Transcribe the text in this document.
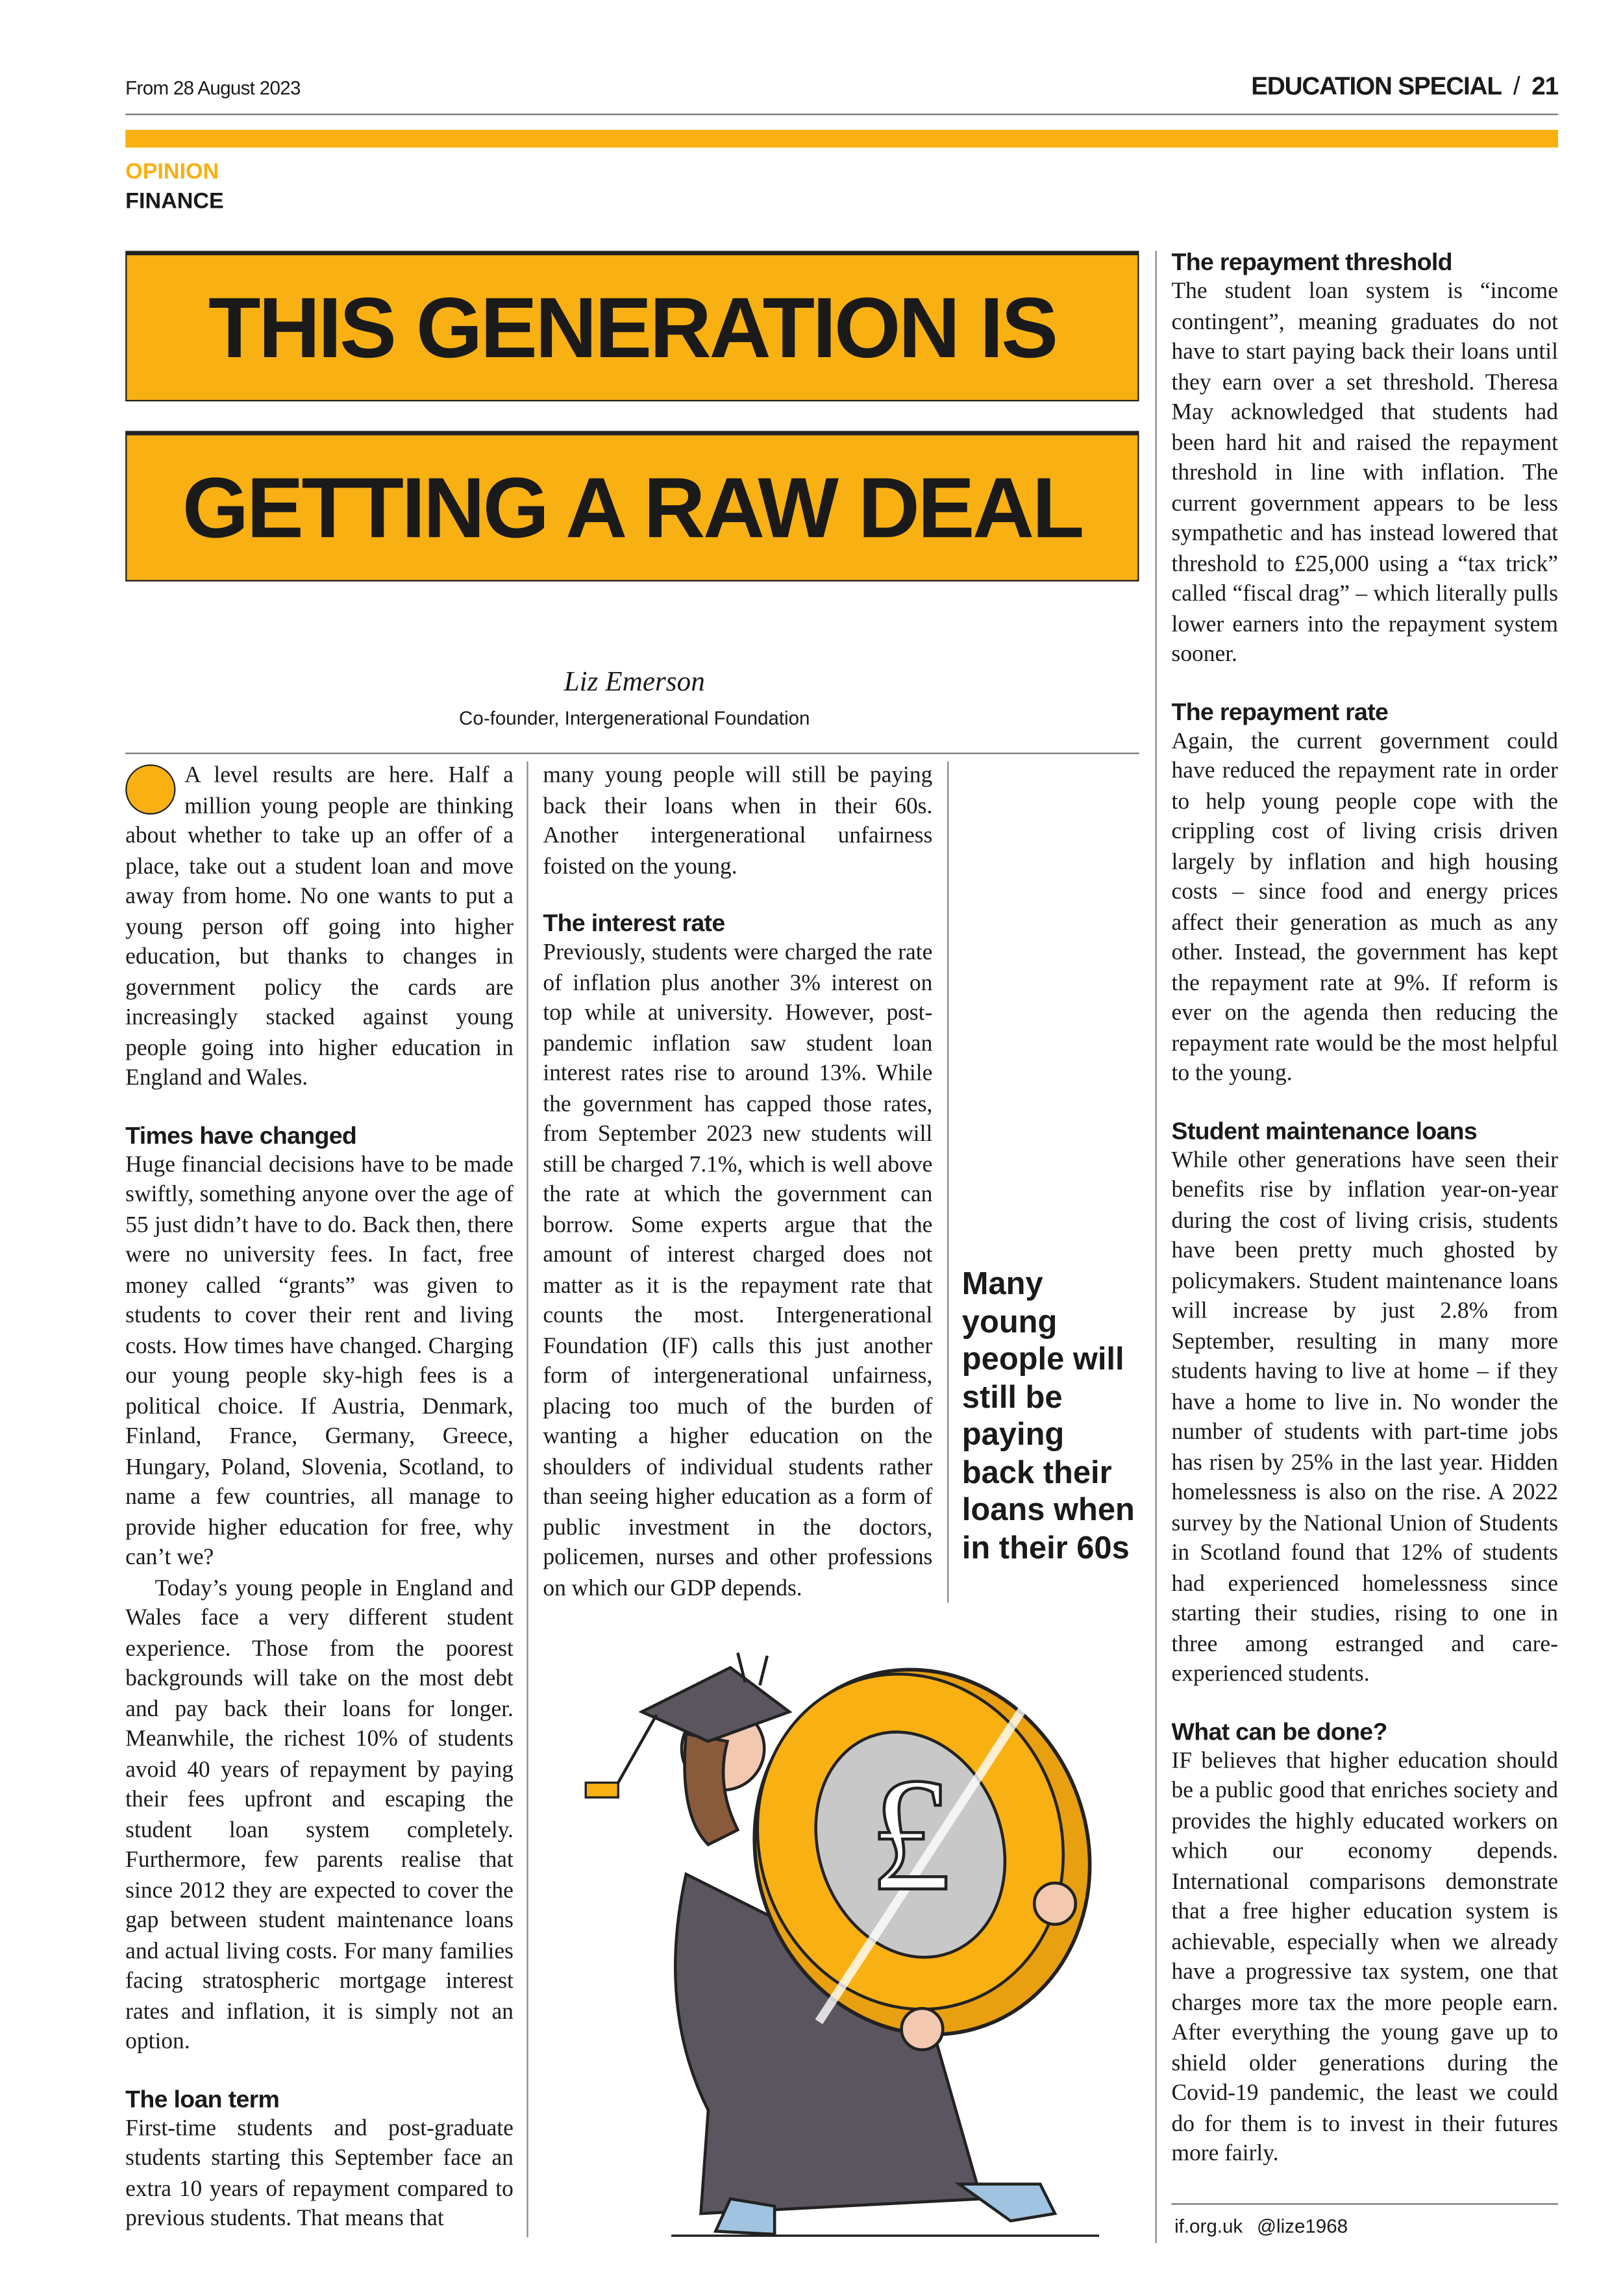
From 28 August 2023	EDUCATION SPECIAL / 21
OPINION
FINANCE
THIS GENERATION IS
GETTING A RAW DEAL
Liz Emerson
Co-founder, Intergenerational Foundation

A level results are here. Half a million young people are thinking about whether to take up an offer of a place, take out a student loan and move away from home. No one wants to put a young person off going into higher education, but thanks to changes in government policy the cards are increasingly stacked against young people going into higher education in England and Wales.

Times have changed

Huge financial decisions have to be made swiftly, something anyone over the age of 55 just didn’t have to do. Back then, there were no university fees. In fact, free money called “grants” was given to students to cover their rent and living costs. How times have changed. Charging our young people sky-high fees is a political choice. If Austria, Denmark, Finland, France, Germany, Greece, Hungary, Poland, Slovenia, Scotland, to name a few countries, all manage to provide higher education for free, why can’t we?

Today’s young people in England and Wales face a very different student experience. Those from the poorest backgrounds will take on the most debt and pay back their loans for longer. Meanwhile, the richest 10% of students avoid 40 years of repayment by paying their fees upfront and escaping the student loan system completely. Furthermore, few parents realise that since 2012 they are expected to cover the gap between student maintenance loans and actual living costs. For many families facing stratospheric mortgage interest rates and inflation, it is simply not an option.

The loan term

First-time students and post-graduate students starting this September face an extra 10 years of repayment compared to previous students. That means that

many young people will still be paying back their loans when in their 60s. Another intergenerational unfairness foisted on the young.

The interest rate

Previously, students were charged the rate of inflation plus another 3% interest on top while at university. However, post-pandemic inflation saw student loan interest rates rise to around 13%. While the government has capped those rates, from September 2023 new students will still be charged 7.1%, which is well above the rate at which the government can borrow. Some experts argue that the amount of interest charged does not matter as it is the repayment rate that counts the most. Intergenerational Foundation (IF) calls this just another form of intergenerational unfairness, placing too much of the burden of wanting a higher education on the shoulders of individual students rather than seeing higher education as a form of public investment in the doctors, policemen, nurses and other professions on which our GDP depends.

Many young people will still be paying back their loans when in their 60s
The repayment threshold

The student loan system is “income contingent”, meaning graduates do not have to start paying back their loans until they earn over a set threshold. Theresa May acknowledged that students had been hard hit and raised the repayment threshold in line with inflation. The current government appears to be less sympathetic and has instead lowered that threshold to £25,000 using a “tax trick” called “fiscal drag” – which literally pulls lower earners into the repayment system sooner.

The repayment rate

Again, the current government could have reduced the repayment rate in order to help young people cope with the crippling cost of living crisis driven largely by inflation and high housing costs – since food and energy prices affect their generation as much as any other. Instead, the government has kept the repayment rate at 9%. If reform is ever on the agenda then reducing the repayment rate would be the most helpful to the young.

Student maintenance loans

While other generations have seen their benefits rise by inflation year-on-year during the cost of living crisis, students have been pretty much ghosted by policymakers. Student maintenance loans will increase by just 2.8% from September, resulting in many more students having to live at home – if they have a home to live in. No wonder the number of students with part-time jobs has risen by 25% in the last year. Hidden homelessness is also on the rise. A 2022 survey by the National Union of Students in Scotland found that 12% of students had experienced homelessness since starting their studies, rising to one in three among estranged and care-experienced students.

What can be done?

IF believes that higher education should be a public good that enriches society and provides the highly educated workers on which our economy depends. International comparisons demonstrate that a free higher education system is achievable, especially when we already have a progressive tax system, one that charges more tax the more people earn. After everything the young gave up to shield older generations during the Covid-19 pandemic, the least we could do for them is to invest in their futures more fairly.

if.org.uk @lize1968
£
